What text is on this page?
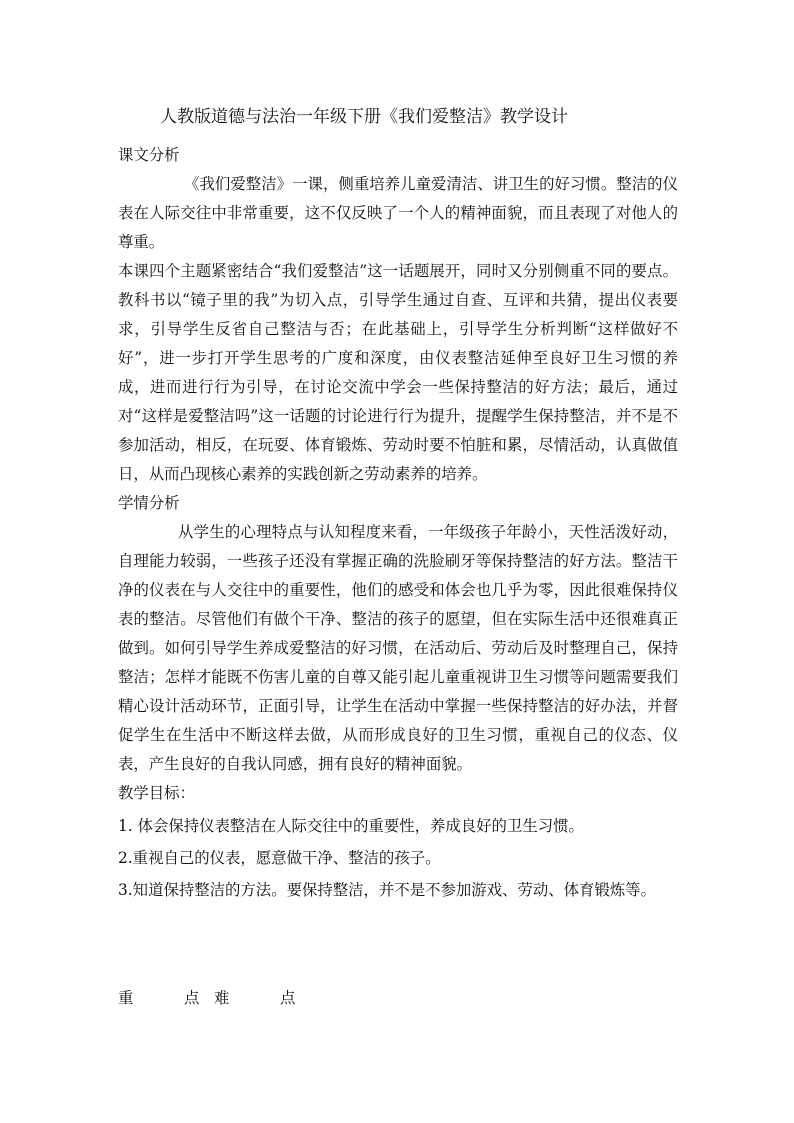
人教版道德与法治一年级下册《我们爱整洁》教学设计

课文分析

《我们爱整洁》一课，侧重培养儿童爱清洁、讲卫生的好习惯。整洁的仪表在人际交往中非常重要，这不仅反映了一个人的精神面貌，而且表现了对他人的尊重。

本课四个主题紧密结合“我们爱整洁”这一话题展开，同时又分别侧重不同的要点。教科书以“镜子里的我”为切入点，引导学生通过自查、互评和共猜，提出仪表要求，引导学生反省自己整洁与否；在此基础上，引导学生分析判断“这样做好不好”，进一步打开学生思考的广度和深度，由仪表整洁延伸至良好卫生习惯的养成，进而进行行为引导，在讨论交流中学会一些保持整洁的好方法；最后，通过对“这样是爱整洁吗”这一话题的讨论进行行为提升，提醒学生保持整洁，并不是不参加活动，相反，在玩耍、体育锻炼、劳动时要不怕脏和累，尽情活动，认真做值日，从而凸现核心素养的实践创新之劳动素养的培养。

学情分析

从学生的心理特点与认知程度来看，一年级孩子年龄小，天性活泼好动，自理能力较弱，一些孩子还没有掌握正确的洗脸刷牙等保持整洁的好方法。整洁干净的仪表在与人交往中的重要性，他们的感受和体会也几乎为零，因此很难保持仪表的整洁。尽管他们有做个干净、整洁的孩子的愿望，但在实际生活中还很难真正做到。如何引导学生养成爱整洁的好习惯，在活动后、劳动后及时整理自己，保持整洁；怎样才能既不伤害儿童的自尊又能引起儿童重视讲卫生习惯等问题需要我们精心设计活动环节，正面引导，让学生在活动中掌握一些保持整洁的好办法，并督促学生在生活中不断这样去做，从而形成良好的卫生习惯，重视自己的仪态、仪表，产生良好的自我认同感，拥有良好的精神面貌。

教学目标：

1. 体会保持仪表整洁在人际交往中的重要性，养成良好的卫生习惯。

2.重视自己的仪表，愿意做干净、整洁的孩子。

3.知道保持整洁的方法。要保持整洁，并不是不参加游戏、劳动、体育锻炼等。

重	点 难	点
